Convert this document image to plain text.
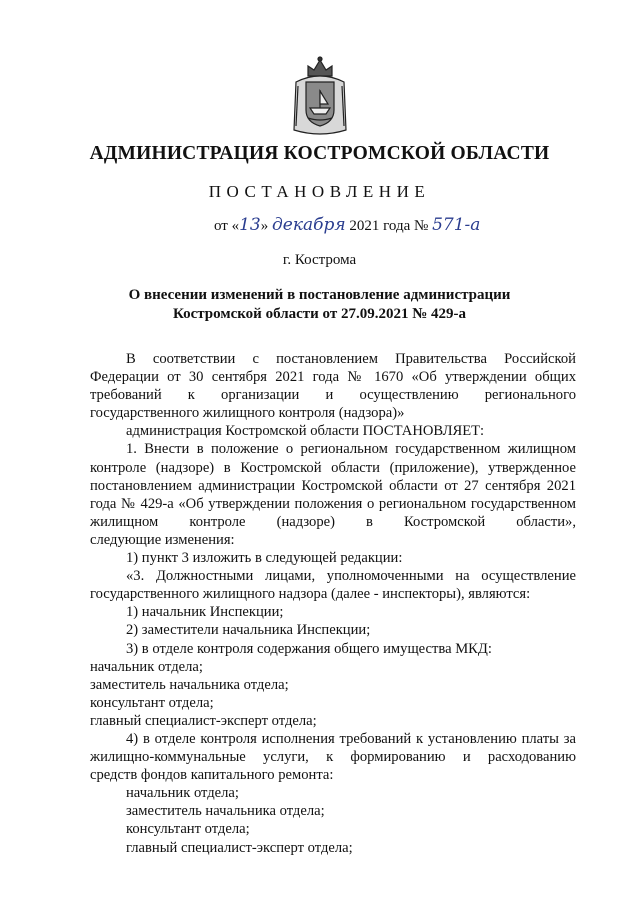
АДМИНИСТРАЦИЯ КОСТРОМСКОЙ ОБЛАСТИ
ПОСТАНОВЛЕНИЕ
от «13» декабря 2021 года № 571-а
г. Кострома
О внесении изменений в постановление администрации
Костромской области от 27.09.2021 № 429-а
В соответствии с постановлением Правительства Российской Федерации от 30 сентября 2021 года № 1670 «Об утверждении общих требований к организации и осуществлению регионального
государственного жилищного контроля (надзора)»
администрация Костромской области ПОСТАНОВЛЯЕТ:
1. Внести в положение о региональном государственном жилищном контроле (надзоре) в Костромской области (приложение), утвержденное постановлением администрации Костромской области от 27 сентября 2021 года № 429-а «Об утверждении положения о региональном государственном жилищном контроле (надзоре) в Костромской области»,
следующие изменения:
1) пункт 3 изложить в следующей редакции:
«3. Должностными лицами, уполномоченными на осуществление
государственного жилищного надзора (далее - инспекторы), являются:
1) начальник Инспекции;
2) заместители начальника Инспекции;
3) в отделе контроля содержания общего имущества МКД:
начальник отдела;
заместитель начальника отдела;
консультант отдела;
главный специалист-эксперт отдела;
4) в отделе контроля исполнения требований к установлению платы за жилищно-коммунальные услуги, к формированию и расходованию
средств фондов капитального ремонта:
начальник отдела;
заместитель начальника отдела;
консультант отдела;
главный специалист-эксперт отдела;
